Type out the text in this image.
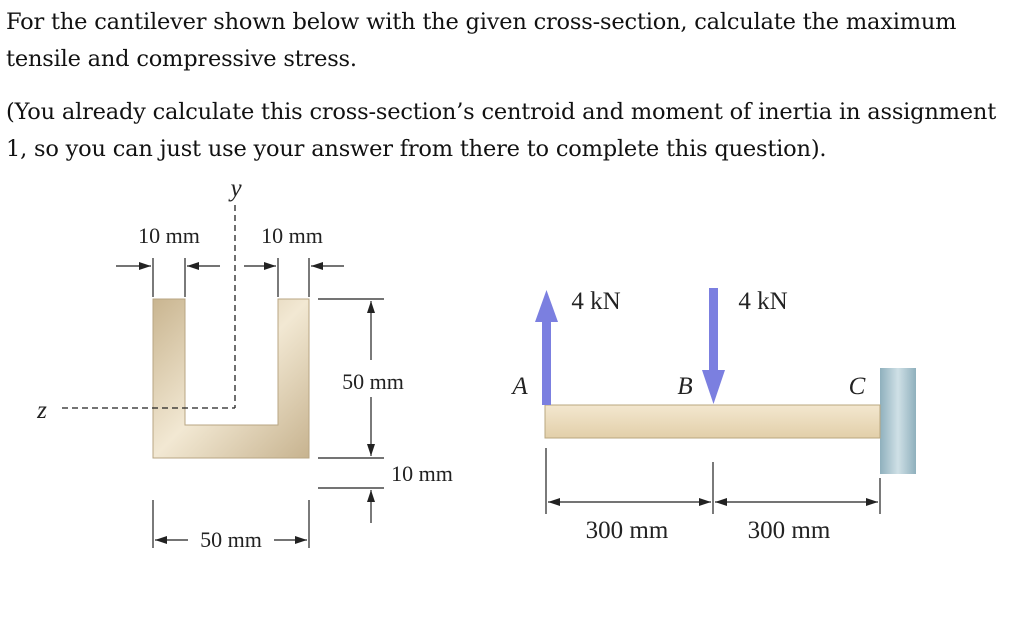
For the cantilever shown below with the given cross-section, calculate the maximum tensile and compressive stress.

(You already calculate this cross-section’s centroid and moment of inertia in assignment 1, so you can just use your answer from there to complete this question).

y
z
10 mm	10 mm
50 mm
10 mm
50 mm
4 kN	4 kN
A	B	C
300 mm	300 mm
